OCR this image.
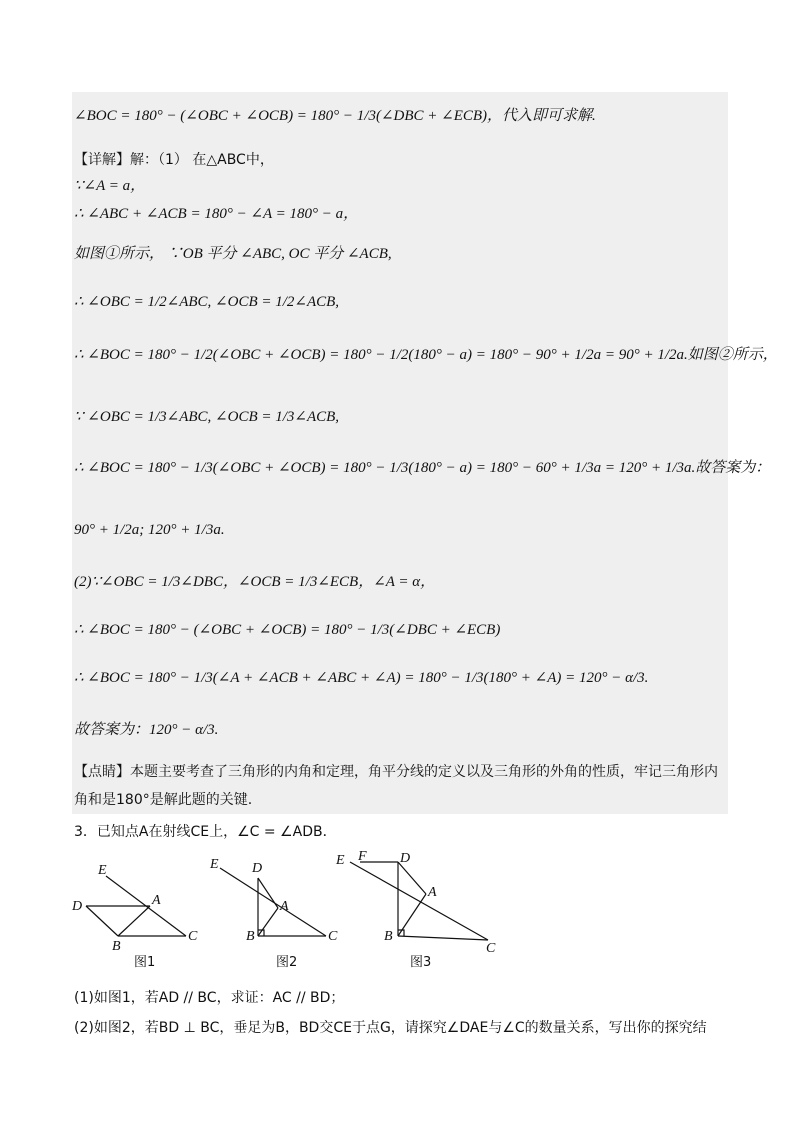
∠BOC = 180° − (∠OBC + ∠OCB) = 180° − 1/3(∠DBC + ∠ECB)，代入即可求解.
【详解】解：（1） 在△ABC中，
∵∠A = a，
∴ ∠ABC + ∠ACB = 180° − ∠A = 180° − a，
如图①所示， ∵OB 平分 ∠ABC, OC 平分 ∠ACB,
∴ ∠OBC = 1/2∠ABC, ∠OCB = 1/2∠ACB,
∴ ∠BOC = 180° − 1/2(∠OBC + ∠OCB) = 180° − 1/2(180° − a) = 180° − 90° + 1/2a = 90° + 1/2a.如图②所示，
∵ ∠OBC = 1/3∠ABC, ∠OCB = 1/3∠ACB,
∴ ∠BOC = 180° − 1/3(∠OBC + ∠OCB) = 180° − 1/3(180° − a) = 180° − 60° + 1/3a = 120° + 1/3a.故答案为：
90° + 1/2a; 120° + 1/3a.
(2)∵∠OBC = 1/3∠DBC，∠OCB = 1/3∠ECB，∠A = α，
∴ ∠BOC = 180° − (∠OBC + ∠OCB) = 180° − 1/3(∠DBC + ∠ECB)
∴ ∠BOC = 180° − 1/3(∠A + ∠ACB + ∠ABC + ∠A) = 180° − 1/3(180° + ∠A) = 120° − α/3.
故答案为：120° − α/3.
【点睛】本题主要考查了三角形的内角和定理，角平分线的定义以及三角形的外角的性质，牢记三角形内
角和是180°是解此题的关键.
3．已知点A在射线CE上，∠C = ∠ADB．
E
D	A
B
C
图1
E D
A
B	C
图2
E F D
A
B
C
图3
(1)如图1，若AD // BC，求证：AC // BD；
(2)如图2，若BD ⊥ BC，垂足为B，BD交CE于点G，请探究∠DAE与∠C的数量关系，写出你的探究结
